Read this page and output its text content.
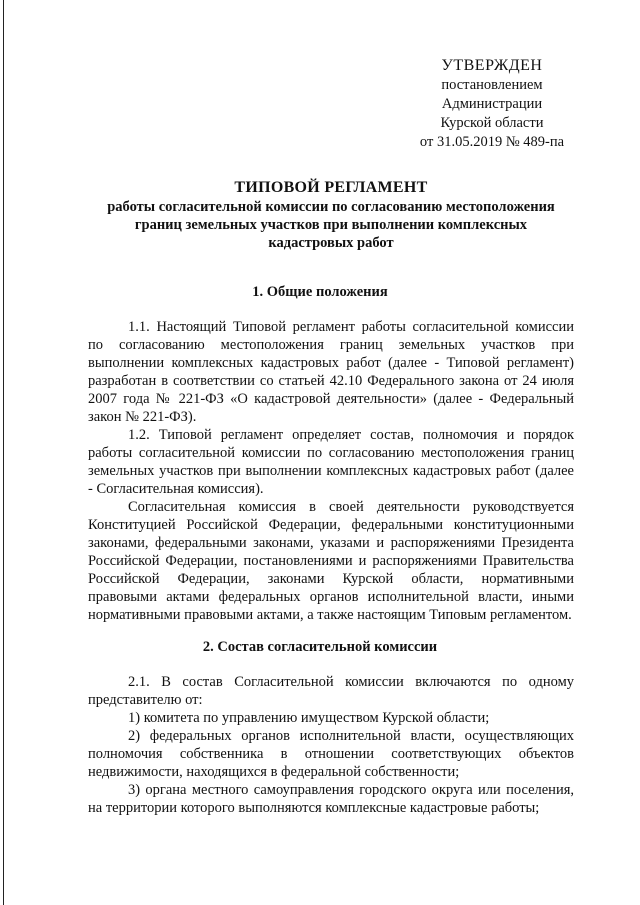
УТВЕРЖДЕН
постановлением Администрации
Курской области
от 31.05.2019 № 489-па
ТИПОВОЙ РЕГЛАМЕНТ
работы согласительной комиссии по согласованию местоположения границ земельных участков при выполнении комплексных кадастровых работ
1. Общие положения

1.1. Настоящий Типовой регламент работы согласительной комиссии по согласованию местоположения границ земельных участков при выполнении комплексных кадастровых работ (далее - Типовой регламент) разработан в соответствии со статьей 42.10 Федерального закона от 24 июля 2007 года № 221-ФЗ «О кадастровой деятельности» (далее - Федеральный закон № 221-ФЗ).

1.2. Типовой регламент определяет состав, полномочия и порядок работы согласительной комиссии по согласованию местоположения границ земельных участков при выполнении комплексных кадастровых работ (далее - Согласительная комиссия).

Согласительная комиссия в своей деятельности руководствуется Конституцией Российской Федерации, федеральными конституционными законами, федеральными законами, указами и распоряжениями Президента Российской Федерации, постановлениями и распоряжениями Правительства Российской Федерации, законами Курской области, нормативными правовыми актами федеральных органов исполнительной власти, иными нормативными правовыми актами, а также настоящим Типовым регламентом.

2. Состав согласительной комиссии

2.1. В состав Согласительной комиссии включаются по одному представителю от:

1) комитета по управлению имуществом Курской области;

2) федеральных органов исполнительной власти, осуществляющих полномочия собственника в отношении соответствующих объектов недвижимости, находящихся в федеральной собственности;

3) органа местного самоуправления городского округа или поселения, на территории которого выполняются комплексные кадастровые работы;
